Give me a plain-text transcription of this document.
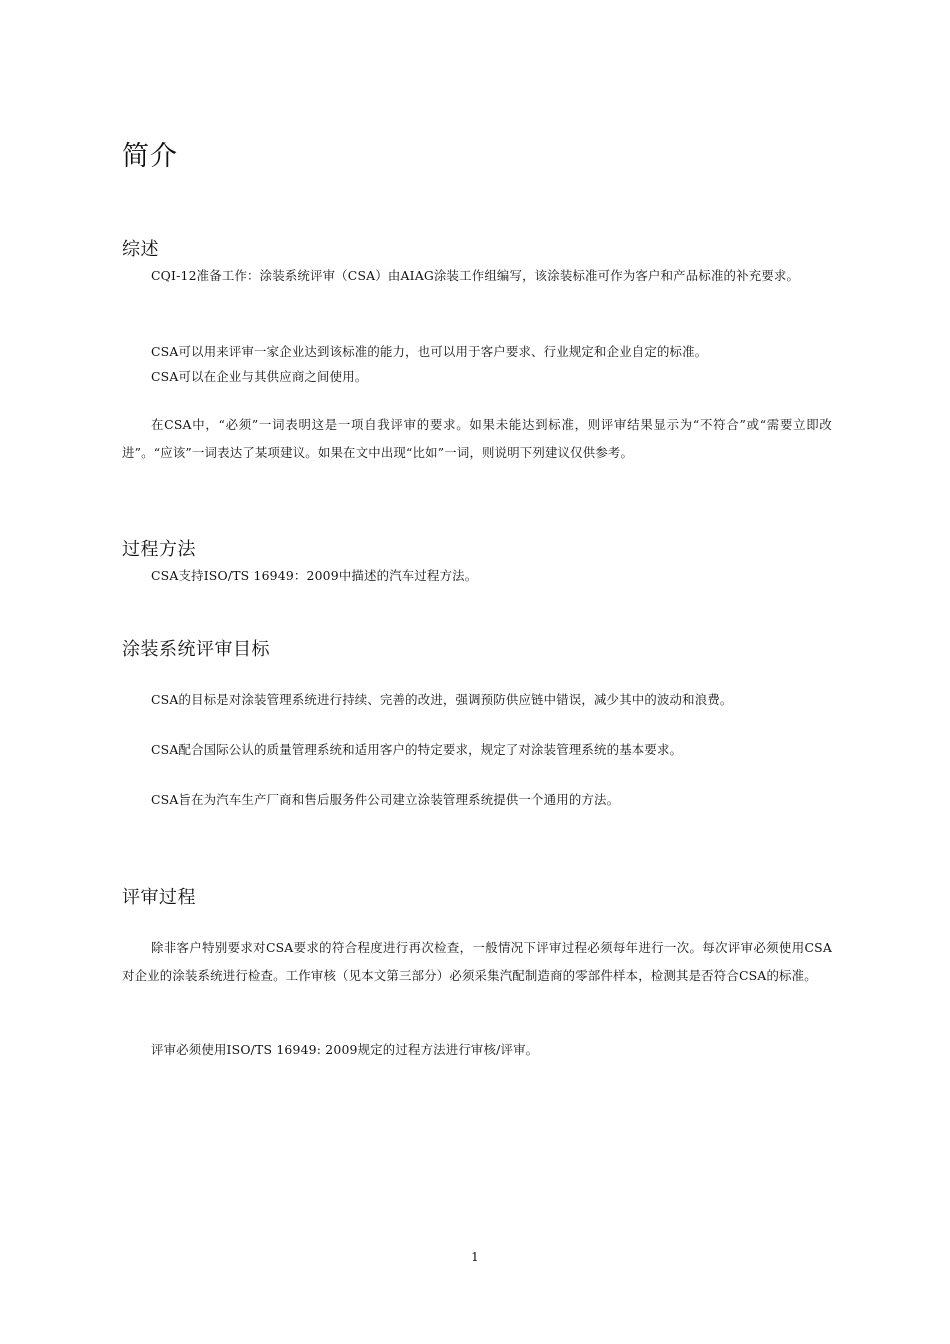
简介
综述

CQI-12准备工作：涂装系统评审（CSA）由AIAG涂装工作组编写，该涂装标准可作为客户和产品标准的补充要求。

CSA可以用来评审一家企业达到该标准的能力，也可以用于客户要求、行业规定和企业自定的标准。

CSA可以在企业与其供应商之间使用。

在CSA中，“必须”一词表明这是一项自我评审的要求。如果未能达到标准，则评审结果显示为“不符合”或“需要立即改进”。“应该”一词表达了某项建议。如果在文中出现“比如”一词，则说明下列建议仅供参考。

过程方法

CSA支持ISO/TS 16949：2009中描述的汽车过程方法。

涂装系统评审目标

CSA的目标是对涂装管理系统进行持续、完善的改进，强调预防供应链中错误，减少其中的波动和浪费。

CSA配合国际公认的质量管理系统和适用客户的特定要求，规定了对涂装管理系统的基本要求。

CSA旨在为汽车生产厂商和售后服务件公司建立涂装管理系统提供一个通用的方法。

评审过程

除非客户特别要求对CSA要求的符合程度进行再次检查，一般情况下评审过程必须每年进行一次。每次评审必须使用CSA对企业的涂装系统进行检查。工作审核（见本文第三部分）必须采集汽配制造商的零部件样本，检测其是否符合CSA的标准。

评审必须使用ISO/TS 16949: 2009规定的过程方法进行审核/评审。

1
